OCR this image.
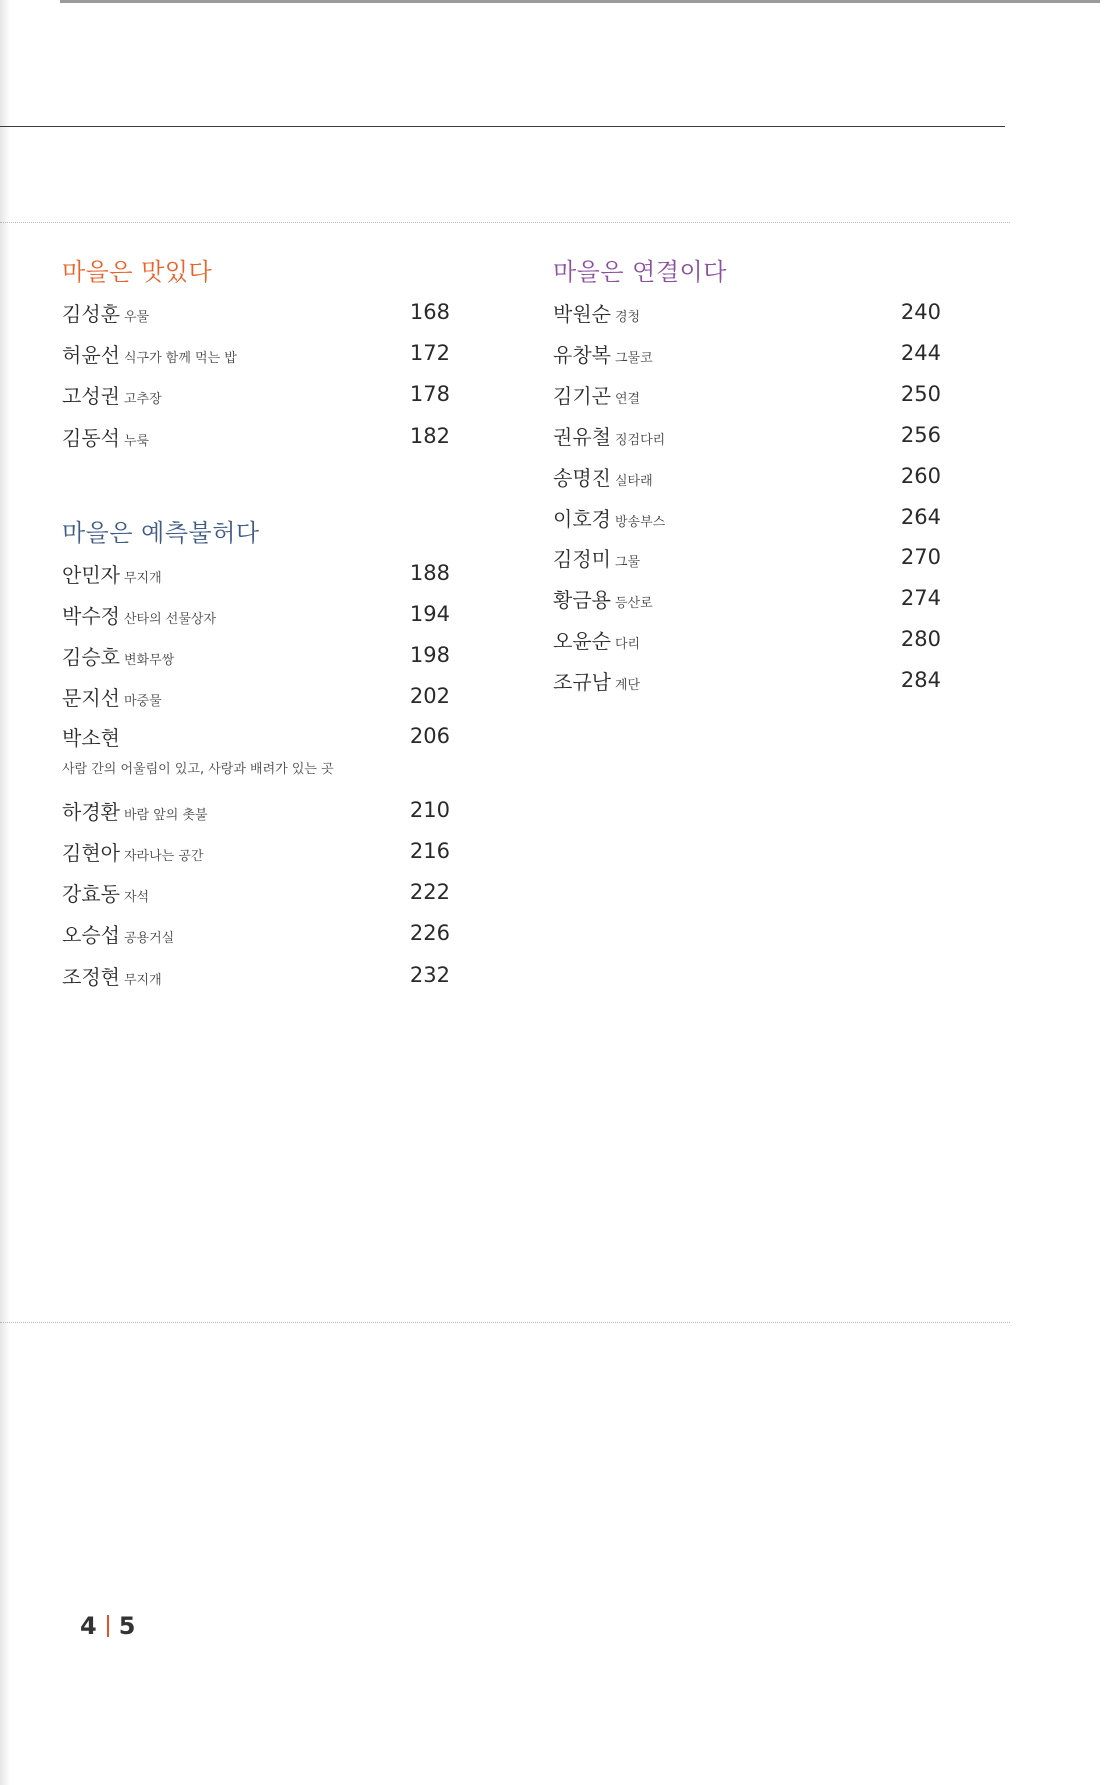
마을은 맛있다
김성훈 우물	168
허윤선 식구가 함께 먹는 밥	172
고성권 고추장	178
김동석 누룩	182
마을은 예측불허다
안민자 무지개	188
박수정 산타의 선물상자	194
김승호 변화무쌍	198
문지선 마중물	202
박소현	206
사람 간의 어울림이 있고, 사랑과 배려가 있는 곳
하경환 바람 앞의 촛불	210
김현아 자라나는 공간	216
강효동 자석	222
오승섭 공용거실	226
조정현 무지개	232
마을은 연결이다
박원순 경청	240
유창복 그물코	244
김기곤 연결	250
권유철 징검다리	256
송명진 실타래	260
이호경 방송부스	264
김정미 그물	270
황금용 등산로	274
오윤순 다리	280
조규남 계단	284
4 5
